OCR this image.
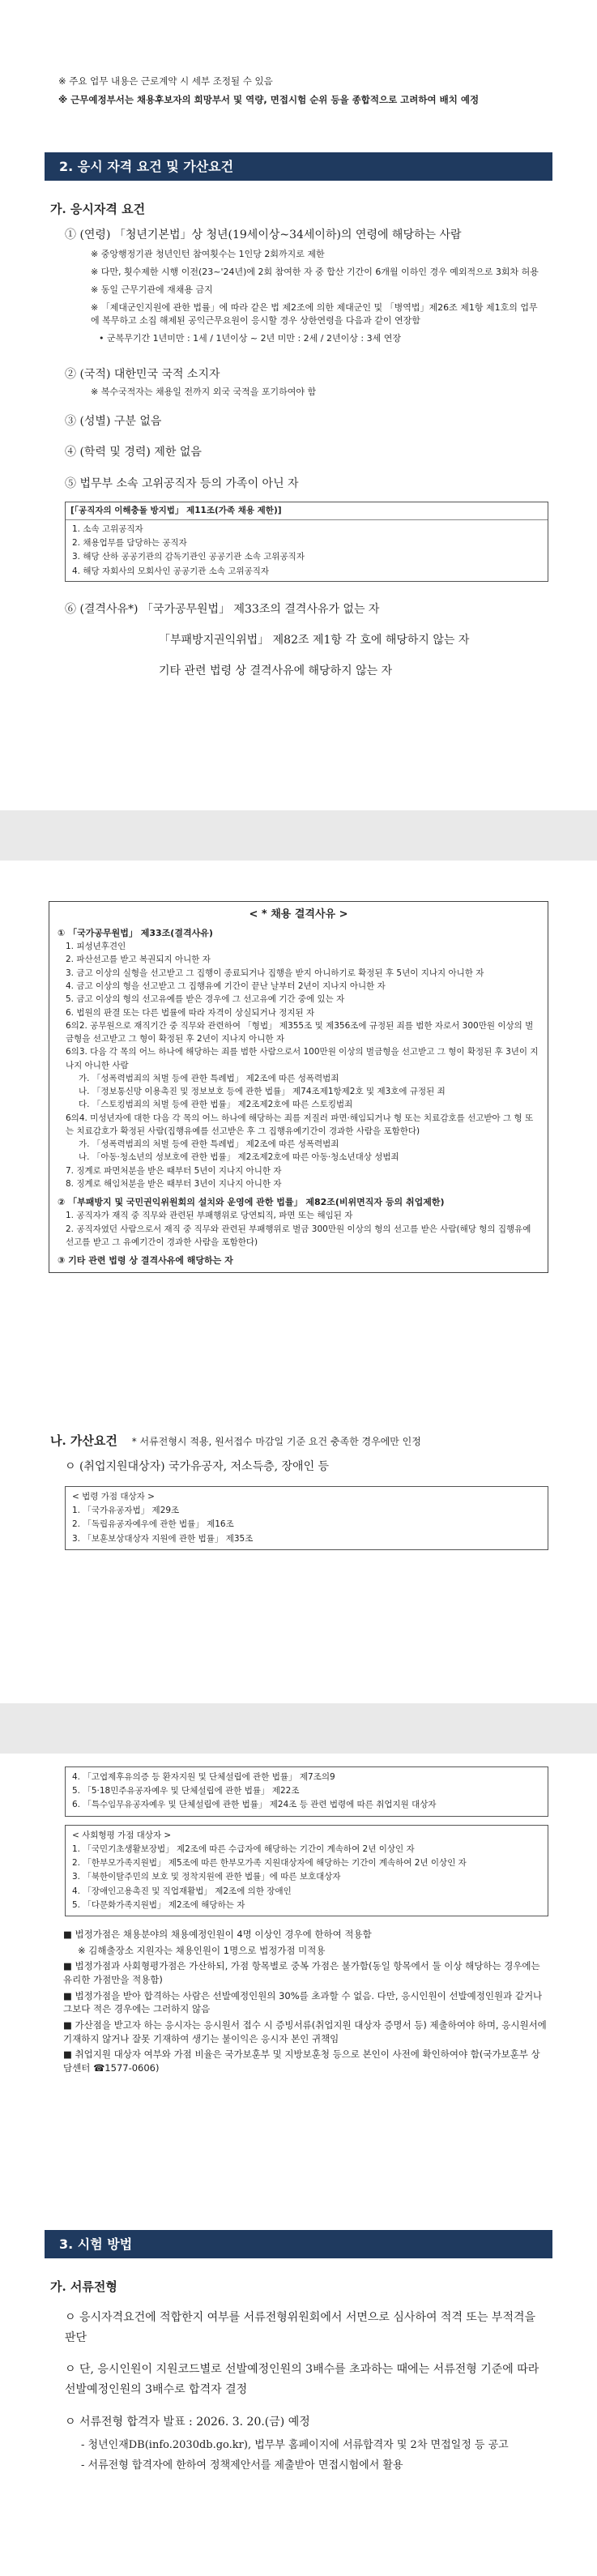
※ 주요 업무 내용은 근로계약 시 세부 조정될 수 있음
※ 근무예정부서는 채용후보자의 희망부서 및 역량, 면접시험 순위 등을 종합적으로 고려하여 배치 예정
2. 응시 자격 요건 및 가산요건
가. 응시자격 요건
① (연령) 「청년기본법」상 청년(19세이상~34세이하)의 연령에 해당하는 사람
※ 중앙행정기관 청년인턴 참여횟수는 1인당 2회까지로 제한
※ 다만, 횟수제한 시행 이전(23~'24년)에 2회 참여한 자 중 합산 기간이 6개월 이하인 경우 예외적으로 3회차 허용
※ 동일 근무기관에 재채용 금지
※ 「제대군인지원에 관한 법률」에 따라 같은 법 제2조에 의한 제대군인 및 「병역법」제26조 제1항 제1호의 업무에 복무하고 소집 해제된 공익근무요원이 응시할 경우 상한연령을 다음과 같이 연장함
• 군복무기간 1년미만 : 1세 / 1년이상 ~ 2년 미만 : 2세 / 2년이상 : 3세 연장
② (국적) 대한민국 국적 소지자
※ 복수국적자는 채용일 전까지 외국 국적을 포기하여야 함
③ (성별) 구분 없음
④ (학력 및 경력) 제한 없음
⑤ 법무부 소속 고위공직자 등의 가족이 아닌 자
[「공직자의 이해충돌 방지법」 제11조(가족 채용 제한)]
1. 소속 고위공직자
2. 채용업무를 담당하는 공직자
3. 해당 산하 공공기관의 감독기관인 공공기관 소속 고위공직자
4. 해당 자회사의 모회사인 공공기관 소속 고위공직자
⑥ (결격사유*) 「국가공무원법」 제33조의 결격사유가 없는 자
「부패방지권익위법」 제82조 제1항 각 호에 해당하지 않는 자
기타 관련 법령 상 결격사유에 해당하지 않는 자
< * 채용 결격사유 >
① 「국가공무원법」 제33조(결격사유)
1. 피성년후견인
2. 파산선고를 받고 복권되지 아니한 자
3. 금고 이상의 실형을 선고받고 그 집행이 종료되거나 집행을 받지 아니하기로 확정된 후 5년이 지나지 아니한 자
4. 금고 이상의 형을 선고받고 그 집행유예 기간이 끝난 날부터 2년이 지나지 아니한 자
5. 금고 이상의 형의 선고유예를 받은 경우에 그 선고유예 기간 중에 있는 자
6. 법원의 판결 또는 다른 법률에 따라 자격이 상실되거나 정지된 자
6의2. 공무원으로 재직기간 중 직무와 관련하여 「형법」 제355조 및 제356조에 규정된 죄를 범한 자로서 300만원 이상의 벌금형을 선고받고 그 형이 확정된 후 2년이 지나지 아니한 자
6의3. 다음 각 목의 어느 하나에 해당하는 죄를 범한 사람으로서 100만원 이상의 벌금형을 선고받고 그 형이 확정된 후 3년이 지나지 아니한 사람
가. 「성폭력범죄의 처벌 등에 관한 특례법」 제2조에 따른 성폭력범죄
나. 「정보통신망 이용촉진 및 정보보호 등에 관한 법률」 제74조제1항제2호 및 제3호에 규정된 죄
다. 「스토킹범죄의 처벌 등에 관한 법률」 제2조제2호에 따른 스토킹범죄
6의4. 미성년자에 대한 다음 각 목의 어느 하나에 해당하는 죄를 저질러 파면·해임되거나 형 또는 치료감호를 선고받아 그 형 또는 치료감호가 확정된 사람(집행유예를 선고받은 후 그 집행유예기간이 경과한 사람을 포함한다)
가. 「성폭력범죄의 처벌 등에 관한 특례법」 제2조에 따른 성폭력범죄
나. 「아동·청소년의 성보호에 관한 법률」 제2조제2호에 따른 아동·청소년대상 성범죄
7. 징계로 파면처분을 받은 때부터 5년이 지나지 아니한 자
8. 징계로 해임처분을 받은 때부터 3년이 지나지 아니한 자
② 「부패방지 및 국민권익위원회의 설치와 운영에 관한 법률」 제82조(비위면직자 등의 취업제한)
1. 공직자가 재직 중 직무와 관련된 부패행위로 당연퇴직, 파면 또는 해임된 자
2. 공직자였던 사람으로서 재직 중 직무와 관련된 부패행위로 벌금 300만원 이상의 형의 선고를 받은 사람(해당 형의 집행유예 선고를 받고 그 유예기간이 경과한 사람을 포함한다)
③ 기타 관련 법령 상 결격사유에 해당하는 자
나. 가산요건 * 서류전형시 적용, 원서접수 마감일 기준 요건 충족한 경우에만 인정
ㅇ (취업지원대상자) 국가유공자, 저소득층, 장애인 등
< 법령 가점 대상자 >
1. 「국가유공자법」 제29조
2. 「독립유공자예우에 관한 법률」 제16조
3. 「보훈보상대상자 지원에 관한 법률」 제35조
4. 「고엽제후유의증 등 환자지원 및 단체설립에 관한 법률」 제7조의9
5. 「5·18민주유공자예우 및 단체설립에 관한 법률」 제22조
6. 「특수임무유공자예우 및 단체설립에 관한 법률」 제24조 등 관련 법령에 따른 취업지원 대상자
< 사회형평 가점 대상자 >
1. 「국민기초생활보장법」 제2조에 따른 수급자에 해당하는 기간이 계속하여 2년 이상인 자
2. 「한부모가족지원법」 제5조에 따른 한부모가족 지원대상자에 해당하는 기간이 계속하여 2년 이상인 자
3. 「북한이탈주민의 보호 및 정착지원에 관한 법률」에 따른 보호대상자
4. 「장애인고용촉진 및 직업재활법」 제2조에 의한 장애인
5. 「다문화가족지원법」 제2조에 해당하는 자
■ 법정가점은 채용분야의 채용예정인원이 4명 이상인 경우에 한하여 적용함
※ 김해출장소 지원자는 채용인원이 1명으로 법정가점 미적용
■ 법정가점과 사회형평가점은 가산하되, 가점 항목별로 중복 가점은 불가함(동일 항목에서 둘 이상 해당하는 경우에는 유리한 가점만을 적용함)
■ 법정가점을 받아 합격하는 사람은 선발예정인원의 30%를 초과할 수 없음. 다만, 응시인원이 선발예정인원과 같거나 그보다 적은 경우에는 그러하지 않음
■ 가산점을 받고자 하는 응시자는 응시원서 접수 시 증빙서류(취업지원 대상자 증명서 등) 제출하여야 하며, 응시원서에 기재하지 않거나 잘못 기재하여 생기는 불이익은 응시자 본인 귀책임
■ 취업지원 대상자 여부와 가점 비율은 국가보훈부 및 지방보훈청 등으로 본인이 사전에 확인하여야 함(국가보훈부 상담센터 ☎1577-0606)
3. 시험 방법
가. 서류전형
ㅇ 응시자격요건에 적합한지 여부를 서류전형위원회에서 서면으로 심사하여 적격 또는 부적격을 판단
ㅇ 단, 응시인원이 지원코드별로 선발예정인원의 3배수를 초과하는 때에는 서류전형 기준에 따라 선발예정인원의 3배수로 합격자 결정
ㅇ 서류전형 합격자 발표 : 2026. 3. 20.(금) 예정
- 청년인재DB(info.2030db.go.kr), 법무부 홈페이지에 서류합격자 및 2차 면접일정 등 공고
- 서류전형 합격자에 한하여 정책제안서를 제출받아 면접시험에서 활용
